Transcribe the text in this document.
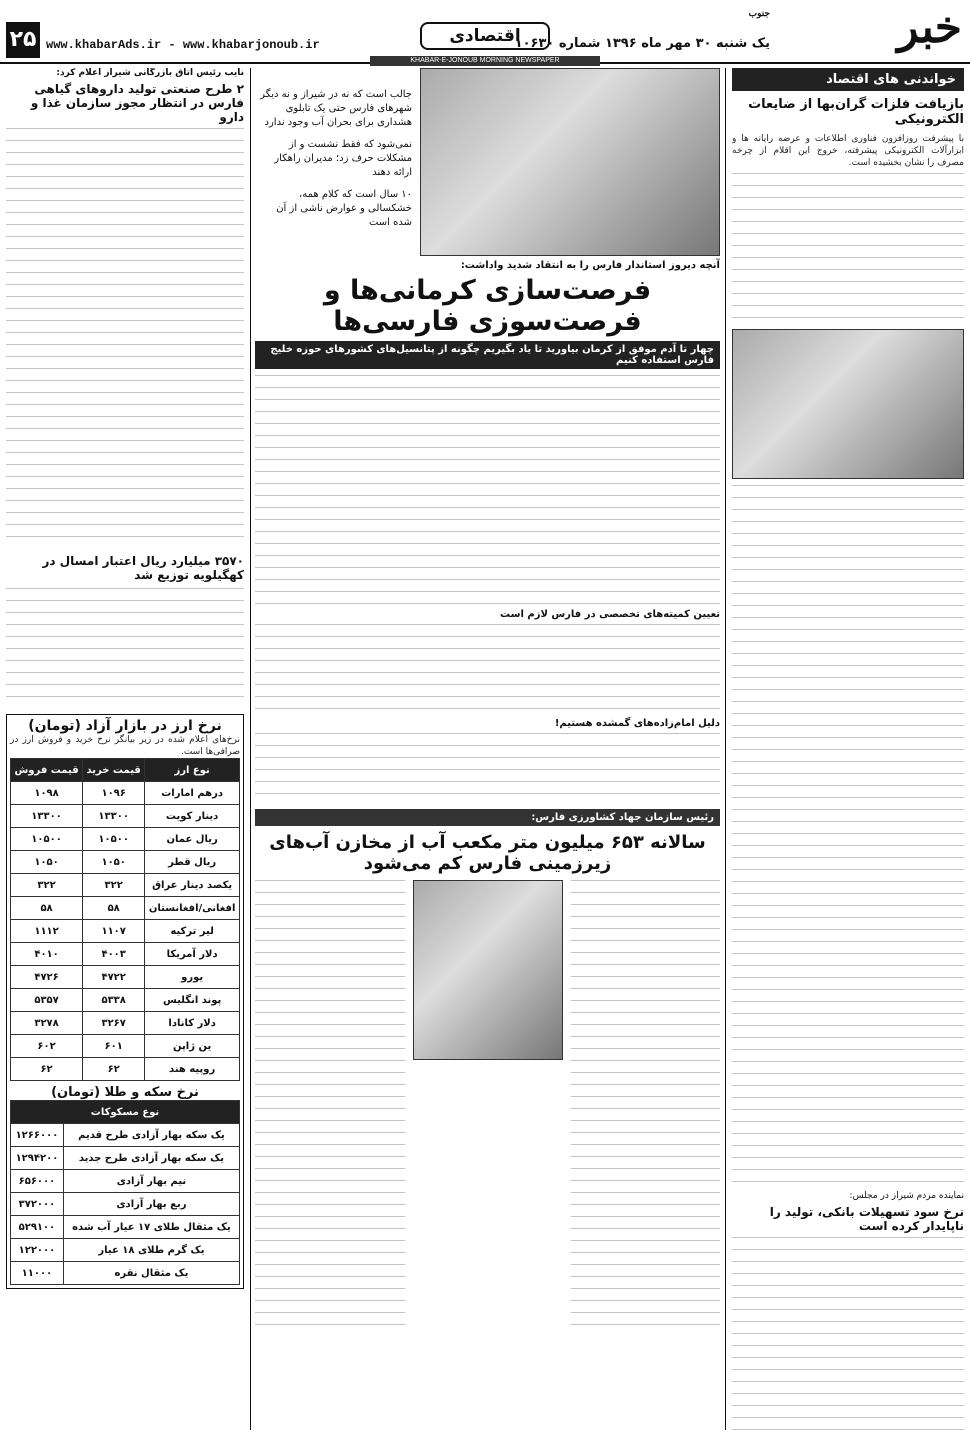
خبر
جنوب
یک شنبه ۳۰ مهر ماه ۱۳۹۶ شماره ۱۰۶۳۰
اقتصادی
www.khabarAds.ir - www.khabarjonoub.ir
۲۵
KHABAR-E-JONOUB MORNING NEWSPAPER
خواندنی های اقتصاد
بازیافت فلزات گران‌بها از ضایعات الکترونیکی

با پیشرفت روزافزون فناوری اطلاعات و عرضه رایانه ها و ابزارآلات الکترونیکی پیشرفته، خروج این اقلام از چرخه مصرف را نشان بخشیده است.

نماینده مردم شیراز در مجلس:
نرخ سود تسهیلات بانکی، تولید را ناپایدار کرده است

جالب است که نه در شیراز و نه دیگر شهرهای فارس حتی یک تابلوی هشداری برای بحران آب وجود ندارد

نمی‌شود که فقط نشست و از مشکلات حرف زد؛ مدیران راهکار ارائه دهند

۱۰ سال است که کلام همه، خشکسالی و عوارض ناشی از آن شده است

آنچه دیروز استاندار فارس را به انتقاد شدید واداشت:
فرصت‌سازی کرمانی‌ها و فرصت‌سوزی فارسی‌ها
چهار تا آدم موفق از کرمان بیاورید تا یاد بگیریم چگونه از پتانسیل‌های کشورهای حوزه خلیج فارس استفاده کنیم
تعیین کمیته‌های تخصصی در فارس لازم است
دلیل امام‌زاده‌های گمشده هستیم!
رئیس سازمان جهاد کشاورزی فارس:
سالانه ۶۵۳ میلیون متر مکعب آب از مخازن آب‌های زیرزمینی فارس کم می‌شود
نایب رئیس اتاق بازرگانی شیراز اعلام کرد:
۲ طرح صنعتی تولید داروهای گیاهی فارس در انتظار مجوز سازمان غذا و دارو
۳۵۷۰ میلیارد ریال اعتبار امسال در کهگیلویه توزیع شد
نرخ ارز در بازار آزاد (تومان)

نرخ‌های اعلام شده در زیر بیانگر نرخ خرید و فروش ارز در صرافی‌ها است.

نوع ارز	قیمت خرید	قیمت فروش
درهم امارات	۱۰۹۶	۱۰۹۸
دینار کویت	۱۳۳۰۰	۱۳۳۰۰
ریال عمان	۱۰۵۰۰	۱۰۵۰۰
ریال قطر	۱۰۵۰	۱۰۵۰
یکصد دینار عراق	۳۲۲	۳۲۲
افغانی/افغانستان	۵۸	۵۸
لیر ترکیه	۱۱۰۷	۱۱۱۲
دلار آمریکا	۴۰۰۳	۴۰۱۰
یورو	۴۷۲۲	۴۷۲۶
پوند انگلیس	۵۳۳۸	۵۳۵۷
دلار کانادا	۳۲۶۷	۳۲۷۸
ین ژاپن	۶۰۱	۶۰۲
روپیه هند	۶۲	۶۲
نرخ سکه و طلا (تومان)
نوع مسکوکات	
یک سکه بهار آزادی طرح قدیم	۱۲۶۶۰۰۰
یک سکه بهار آزادی طرح جدید	۱۲۹۴۲۰۰
نیم بهار آزادی	۶۵۶۰۰۰
ربع بهار آزادی	۳۷۲۰۰۰
یک مثقال طلای ۱۷ عیار آب شده	۵۲۹۱۰۰
یک گرم طلای ۱۸ عیار	۱۲۲۰۰۰
یک مثقال نقره	۱۱۰۰۰
